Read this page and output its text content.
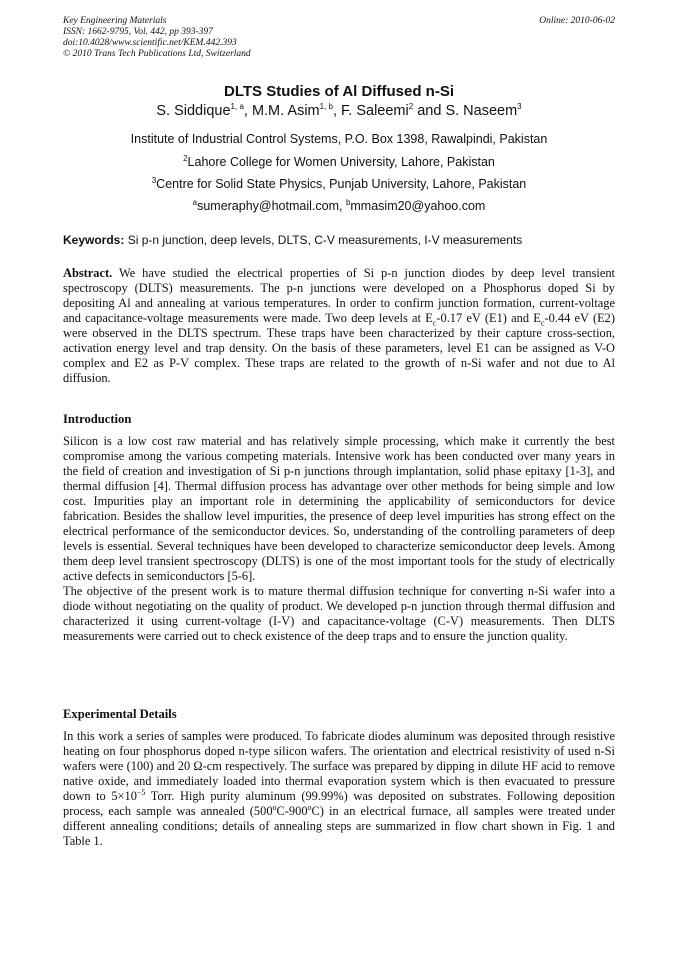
Key Engineering Materials
ISSN: 1662-9795, Vol. 442, pp 393-397
doi:10.4028/www.scientific.net/KEM.442.393
© 2010 Trans Tech Publications Ltd, Switzerland
Online: 2010-06-02
DLTS Studies of Al Diffused n-Si
S. Siddique$^{1, a}$, M.M. Asim$^{1, b}$, F. Saleemi$^2$ and S. Naseem$^3$
Institute of Industrial Control Systems, P.O. Box 1398, Rawalpindi, Pakistan
$^2$Lahore College for Women University, Lahore, Pakistan
$^3$Centre for Solid State Physics, Punjab University, Lahore, Pakistan
$^a$sumeraphy@hotmail.com, $^b$mmasim20@yahoo.com
Keywords: Si p-n junction, deep levels, DLTS, C-V measurements, I-V measurements

Abstract. We have studied the electrical properties of Si p-n junction diodes by deep level transient spectroscopy (DLTS) measurements. The p-n junctions were developed on a Phosphorus doped Si by depositing Al and annealing at various temperatures. In order to confirm junction formation, current-voltage and capacitance-voltage measurements were made. Two deep levels at $E_c-0.17$ eV (E1) and $E_c-0.44$ eV (E2) were observed in the DLTS spectrum. These traps have been characterized by their capture cross-section, activation energy level and trap density. On the basis of these parameters, level E1 can be assigned as V-O complex and E2 as P-V complex. These traps are related to the growth of n-Si wafer and not due to Al diffusion.

Introduction

Silicon is a low cost raw material and has relatively simple processing, which make it currently the best compromise among the various competing materials. Intensive work has been conducted over many years in the field of creation and investigation of Si p-n junctions through implantation, solid phase epitaxy [1-3], and thermal diffusion [4]. Thermal diffusion process has advantage over other methods for being simple and low cost. Impurities play an important role in determining the applicability of semiconductors for device fabrication. Besides the shallow level impurities, the presence of deep level impurities has strong effect on the electrical performance of the semiconductor devices. So, understanding of the controlling parameters of deep levels is essential. Several techniques have been developed to characterize semiconductor deep levels. Among them deep level transient spectroscopy (DLTS) is one of the most important tools for the study of electrically active defects in semiconductors [5-6].

The objective of the present work is to mature thermal diffusion technique for converting n-Si wafer into a diode without negotiating on the quality of product. We developed p-n junction through thermal diffusion and characterized it using current-voltage (I-V) and capacitance-voltage (C-V) measurements. Then DLTS measurements were carried out to check existence of the deep traps and to ensure the junction quality.

Experimental Details

In this work a series of samples were produced. To fabricate diodes aluminum was deposited through resistive heating on four phosphorus doped n-type silicon wafers. The orientation and electrical resistivity of used n-Si wafers were (100) and 20 Ω-cm respectively. The surface was prepared by dipping in dilute HF acid to remove native oxide, and immediately loaded into thermal evaporation system which is then evacuated to pressure down to $5\times 10^{-5}$ Torr. High purity aluminum (99.99%) was deposited on substrates. Following deposition process, each sample was annealed (500$^o$C-900$^o$C) in an electrical furnace, all samples were treated under different annealing conditions; details of annealing steps are summarized in flow chart shown in Fig. 1 and Table 1.
